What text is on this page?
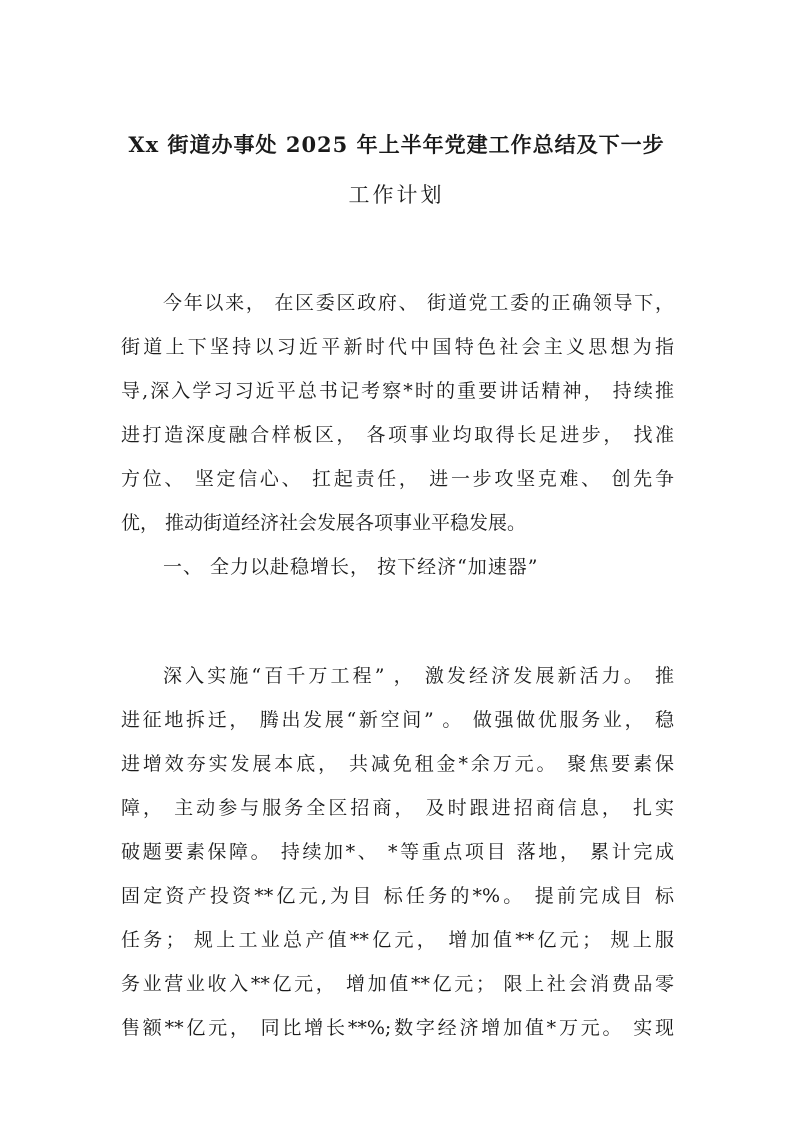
Xx 街道办事处 2025 年上半年党建工作总结及下一步
工作计划
今年以来， 在区委区政府、 街道党工委的正确领导下，
街道上下坚持以习近平新时代中国特色社会主义思想为指
导,深入学习习近平总书记考察*时的重要讲话精神， 持续推
进打造深度融合样板区， 各项事业均取得长足进步， 找准
方位、 坚定信心、 扛起责任， 进一步攻坚克难、 创先争
优， 推动街道经济社会发展各项事业平稳发展。
一、 全力以赴稳增长， 按下经济“加速器”
深入实施“百千万工程” ， 激发经济发展新活力。 推
进征地拆迁， 腾出发展“新空间” 。 做强做优服务业， 稳
进增效夯实发展本底， 共减免租金*余万元。 聚焦要素保
障， 主动参与服务全区招商， 及时跟进招商信息， 扎实
破题要素保障。 持续加*、 *等重点项目 落地， 累计完成
固定资产投资**亿元,为目 标任务的*%。 提前完成目 标
任务； 规上工业总产值**亿元， 增加值**亿元； 规上服
务业营业收入**亿元， 增加值**亿元； 限上社会消费品零
售额**亿元， 同比增长**%;数字经济增加值*万元。 实现
